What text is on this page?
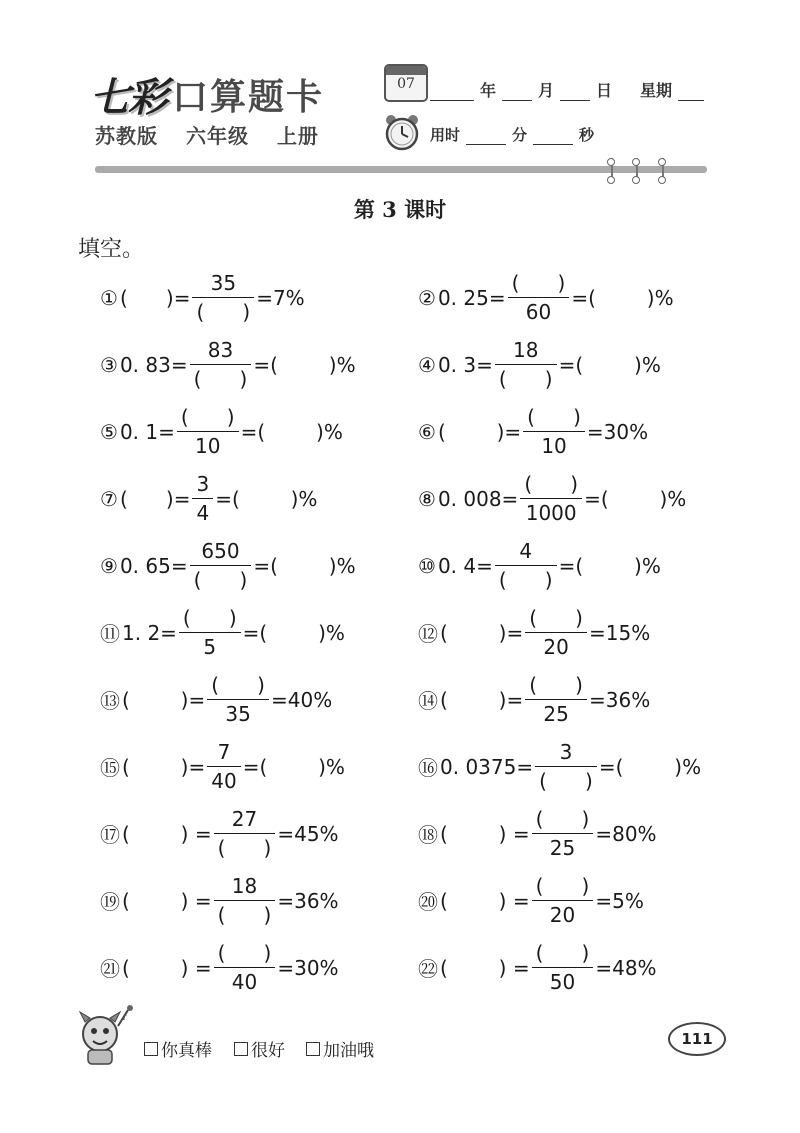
七彩 口算题卡
苏教版 六年级 上册
07	年	月	日 星期
用时	分	秒
第 3 课时
填空。
① (      )= $\frac{35}{( )} =7\%$	② 0. $25= \frac{( )}{60}$ =(        )%
③ 0. $83= \frac{83}{( )}$ =(        )%	④ 0. $3= \frac{18}{( )}$ =(        )%
⑤ 0. $1= \frac{( )}{10}$ =(        )%	⑥ (        )= $\frac{( )}{10} =30\%$
⑦ (      )= $\frac{3}{4}$ =(        )%	⑧ 0. $008= \frac{( )}{1000}$ =(        )%
⑨ 0. $65= \frac{650}{( )}$ =(        )%	⑩ 0. $4= \frac{4}{( )}$ =(        )%
⑪ 1. $2= \frac{( )}{5}$ =(        )%	⑫ (        )= $\frac{( )}{20} =15\%$
⑬ (        )= $\frac{( )}{35} =40\%$	⑭ (        )= $\frac{( )}{25} =36\%$
⑮ (        )= $\frac{7}{40}$ =(        )%	⑯ 0. $0375= \frac{3}{( )}$ =(        )%
⑰ (        ) = $\frac{27}{( )} =45\%$	⑱ (        ) = $\frac{( )}{25} =80\%$
⑲ (        ) = $\frac{18}{( )} =36\%$	⑳ (        ) = $\frac{( )}{20} =5\%$
㉑ (        ) = $\frac{( )}{40} =30\%$	㉒ (        ) = $\frac{( )}{50} =48\%$
♪
你真棒 很好 加油哦
111
